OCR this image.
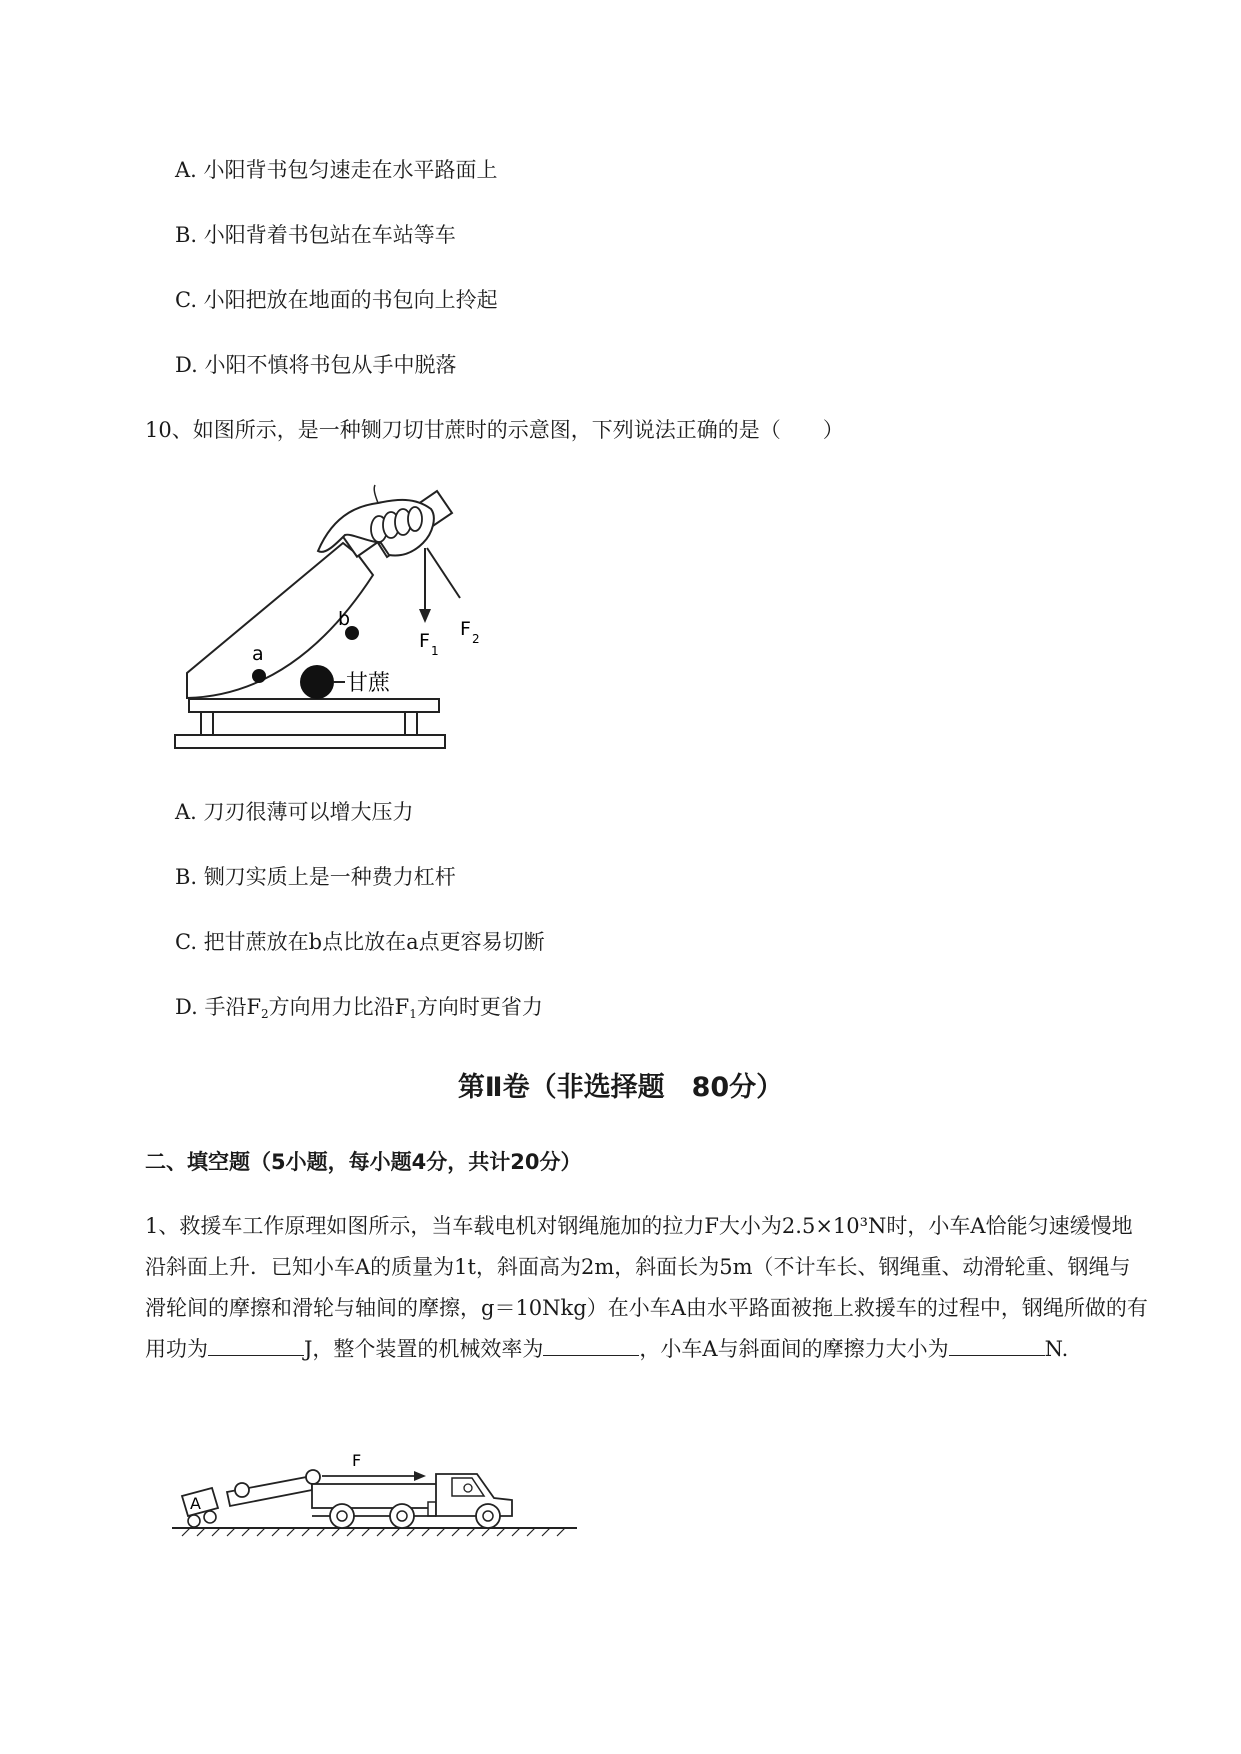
A. 小阳背书包匀速走在水平路面上
B. 小阳背着书包站在车站等车
C. 小阳把放在地面的书包向上拎起
D. 小阳不慎将书包从手中脱落
10、如图所示，是一种铡刀切甘蔗时的示意图，下列说法正确的是（　　）
a
b
甘蔗
F 1
F 2
A. 刀刃很薄可以增大压力
B. 铡刀实质上是一种费力杠杆
C. 把甘蔗放在b点比放在a点更容易切断
D. 手沿$F_2$方向用力比沿$F_1$方向时更省力
第Ⅱ卷（非选择题　80分）
二、填空题（5小题，每小题4分，共计20分）
1、救援车工作原理如图所示，当车载电机对钢绳施加的拉力F大小为2.5×10³N时，小车A恰能匀速缓慢地沿斜面上升．已知小车A的质量为1t，斜面高为2m，斜面长为5m（不计车长、钢绳重、动滑轮重、钢绳与滑轮间的摩擦和滑轮与轴间的摩擦，g＝10Nkg）在小车A由水平路面被拖上救援车的过程中，钢绳所做的有用功为	J，整个装置的机械效率为	，小车A与斜面间的摩擦力大小为	N.
A
F
